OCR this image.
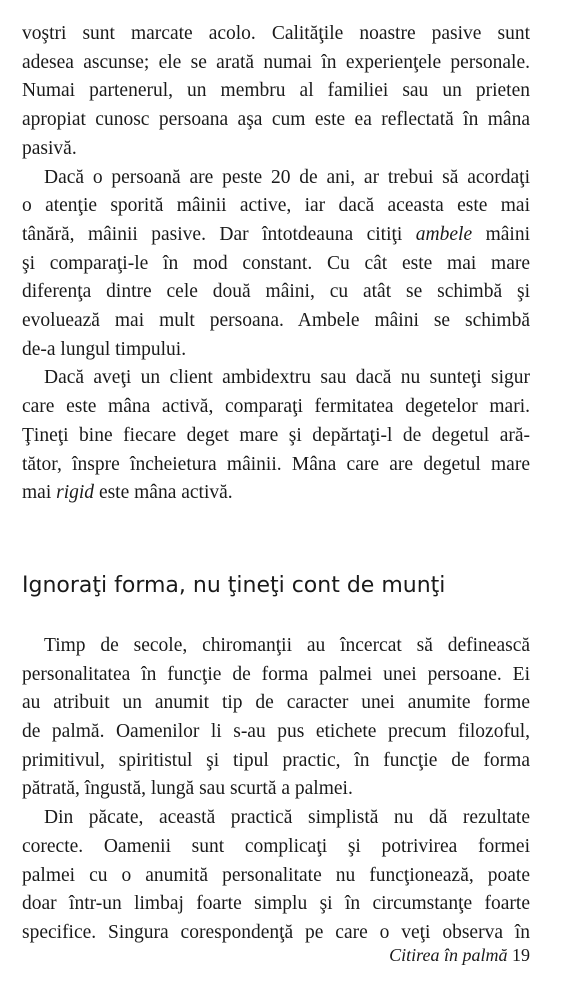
voştri sunt marcate acolo. Calităţile noastre pasive sunt
adesea ascunse; ele se arată numai în experienţele personale.
Numai partenerul, un membru al familiei sau un prieten
apropiat cunosc persoana aşa cum este ea reflectată în mâna
pasivă.

Dacă o persoană are peste 20 de ani, ar trebui să acordaţi
o atenţie sporită mâinii active, iar dacă aceasta este mai
tânără, mâinii pasive. Dar întotdeauna citiţi ambele mâini
şi comparaţi-le în mod constant. Cu cât este mai mare
diferenţa dintre cele două mâini, cu atât se schimbă şi
evoluează mai mult persoana. Ambele mâini se schimbă
de-a lungul timpului.

Dacă aveţi un client ambidextru sau dacă nu sunteţi sigur
care este mâna activă, comparaţi fermitatea degetelor mari.
Ţineţi bine fiecare deget mare şi depărtaţi-l de degetul ară-
tător, înspre încheietura mâinii. Mâna care are degetul mare
mai rigid este mâna activă.

Ignoraţi forma, nu ţineţi cont de munţi

Timp de secole, chiromanţii au încercat să definească
personalitatea în funcţie de forma palmei unei persoane. Ei
au atribuit un anumit tip de caracter unei anumite forme
de palmă. Oamenilor li s-au pus etichete precum filozoful,
primitivul, spiritistul şi tipul practic, în funcţie de forma
pătrată, îngustă, lungă sau scurtă a palmei.

Din păcate, această practică simplistă nu dă rezultate
corecte. Oamenii sunt complicaţi şi potrivirea formei
palmei cu o anumită personalitate nu funcţionează, poate
doar într-un limbaj foarte simplu şi în circumstanţe foarte
specifice. Singura corespondenţă pe care o veţi observa în

Citirea în palmă 19
